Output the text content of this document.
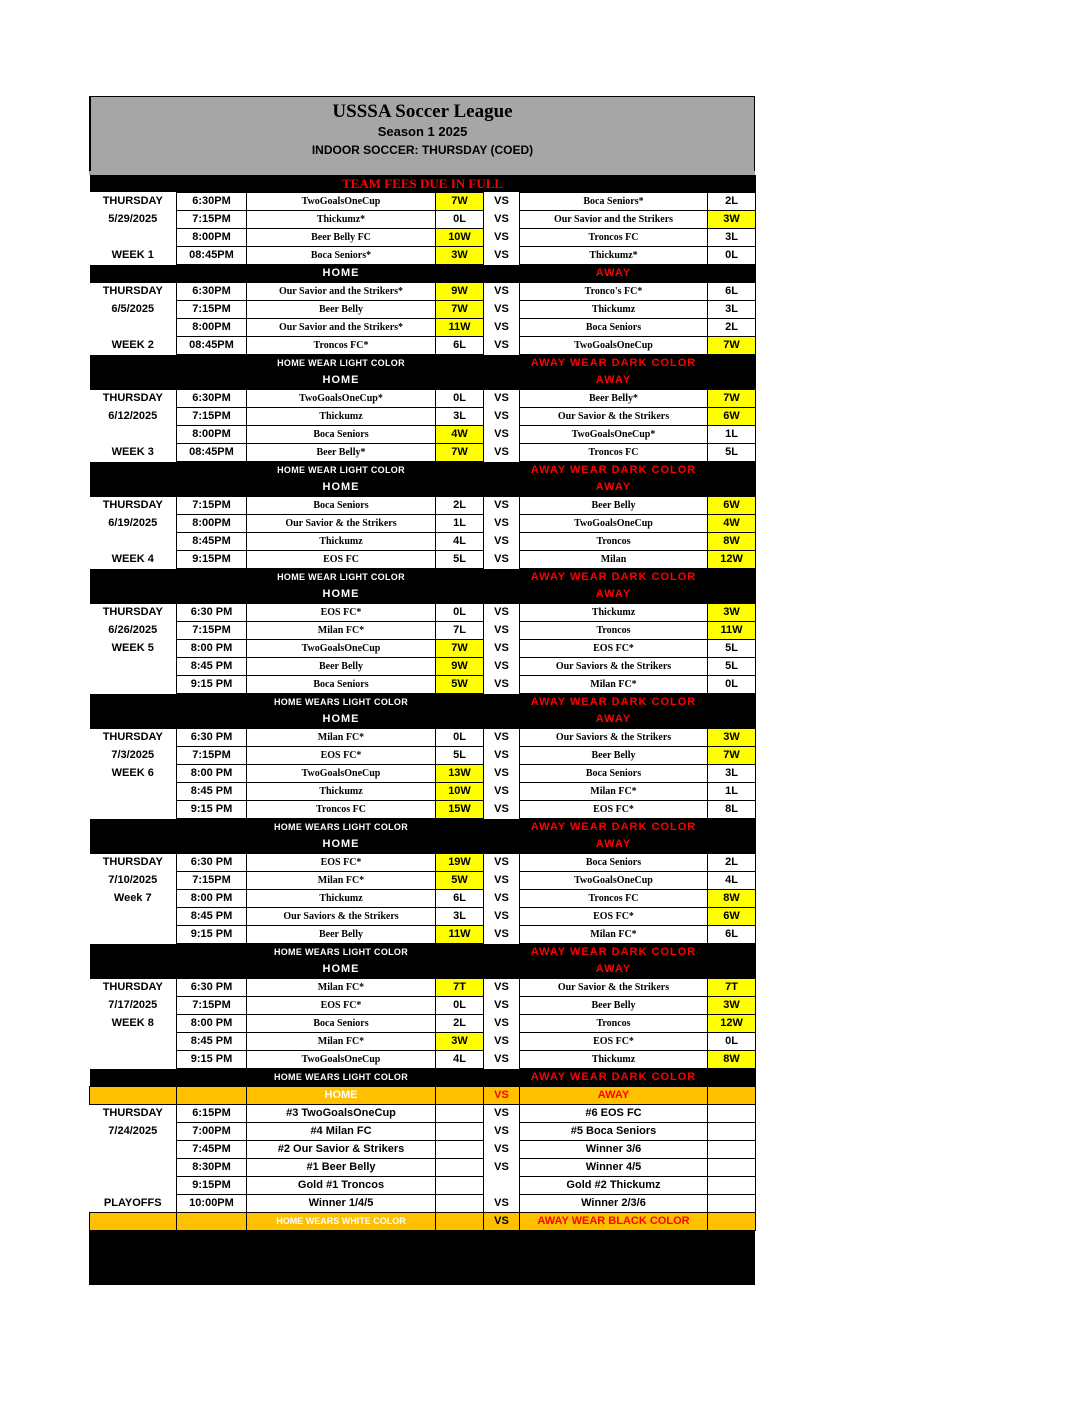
USSSA Soccer League
Season 1 2025
INDOOR SOCCER: THURSDAY (COED)
TEAM FEES DUE IN FULL						
THURSDAY	6:30PM	TwoGoalsOneCup	7W	VS	Boca Seniors*	2L
5/29/2025	7:15PM	Thickumz*	0L	VS	Our Savior and the Strikers	3W
	8:00PM	Beer Belly FC	10W	VS	Troncos FC	3L
WEEK 1	08:45PM	Boca Seniors*	3W	VS	Thickumz*	0L
		HOME			AWAY	
THURSDAY	6:30PM	Our Savior and the Strikers*	9W	VS	Tronco's FC*	6L
6/5/2025	7:15PM	Beer Belly	7W	VS	Thickumz	3L
	8:00PM	Our Savior and the Strikers*	11W	VS	Boca Seniors	2L
WEEK 2	08:45PM	Troncos FC*	6L	VS	TwoGoalsOneCup	7W
		HOME WEAR LIGHT COLOR			AWAY WEAR DARK COLOR	
		HOME			AWAY	
THURSDAY	6:30PM	TwoGoalsOneCup*	0L	VS	Beer Belly*	7W
6/12/2025	7:15PM	Thickumz	3L	VS	Our Savior & the Strikers	6W
	8:00PM	Boca Seniors	4W	VS	TwoGoalsOneCup*	1L
WEEK 3	08:45PM	Beer Belly*	7W	VS	Troncos FC	5L
		HOME WEAR LIGHT COLOR			AWAY WEAR DARK COLOR	
		HOME			AWAY	
THURSDAY	7:15PM	Boca Seniors	2L	VS	Beer Belly	6W
6/19/2025	8:00PM	Our Savior & the Strikers	1L	VS	TwoGoalsOneCup	4W
	8:45PM	Thickumz	4L	VS	Troncos	8W
WEEK 4	9:15PM	EOS FC	5L	VS	Milan	12W
		HOME WEAR LIGHT COLOR			AWAY WEAR DARK COLOR	
		HOME			AWAY	
THURSDAY	6:30 PM	EOS FC*	0L	VS	Thickumz	3W
6/26/2025	7:15PM	Milan FC*	7L	VS	Troncos	11W
WEEK 5	8:00 PM	TwoGoalsOneCup	7W	VS	EOS FC*	5L
	8:45 PM	Beer Belly	9W	VS	Our Saviors & the Strikers	5L
	9:15 PM	Boca Seniors	5W	VS	Milan FC*	0L
		HOME WEARS LIGHT COLOR			AWAY WEAR DARK COLOR	
		HOME			AWAY	
THURSDAY	6:30 PM	Milan FC*	0L	VS	Our Saviors & the Strikers	3W
7/3/2025	7:15PM	EOS FC*	5L	VS	Beer Belly	7W
WEEK 6	8:00 PM	TwoGoalsOneCup	13W	VS	Boca Seniors	3L
	8:45 PM	Thickumz	10W	VS	Milan FC*	1L
	9:15 PM	Troncos FC	15W	VS	EOS FC*	8L
		HOME WEARS LIGHT COLOR			AWAY WEAR DARK COLOR	
		HOME			AWAY	
THURSDAY	6:30 PM	EOS FC*	19W	VS	Boca Seniors	2L
7/10/2025	7:15PM	Milan FC*	5W	VS	TwoGoalsOneCup	4L
Week 7	8:00 PM	Thickumz	6L	VS	Troncos FC	8W
	8:45 PM	Our Saviors & the Strikers	3L	VS	EOS FC*	6W
	9:15 PM	Beer Belly	11W	VS	Milan FC*	6L
		HOME WEARS LIGHT COLOR			AWAY WEAR DARK COLOR	
		HOME			AWAY	
THURSDAY	6:30 PM	Milan FC*	7T	VS	Our Savior & the Strikers	7T
7/17/2025	7:15PM	EOS FC*	0L	VS	Beer Belly	3W
WEEK 8	8:00 PM	Boca Seniors	2L	VS	Troncos	12W
	8:45 PM	Milan FC*	3W	VS	EOS FC*	0L
	9:15 PM	TwoGoalsOneCup	4L	VS	Thickumz	8W
		HOME WEARS LIGHT COLOR			AWAY WEAR DARK COLOR	
		HOME		VS	AWAY	
THURSDAY	6:15PM	#3 TwoGoalsOneCup		VS	#6 EOS FC	
7/24/2025	7:00PM	#4 Milan FC		VS	#5 Boca Seniors	
	7:45PM	#2 Our Savior & Strikers		VS	Winner 3/6	
	8:30PM	#1 Beer Belly		VS	Winner 4/5	
	9:15PM	Gold #1 Troncos			Gold #2 Thickumz	
PLAYOFFS	10:00PM	Winner 1/4/5		VS	Winner 2/3/6	
		HOME WEARS WHITE COLOR		VS	AWAY WEAR BLACK COLOR	
